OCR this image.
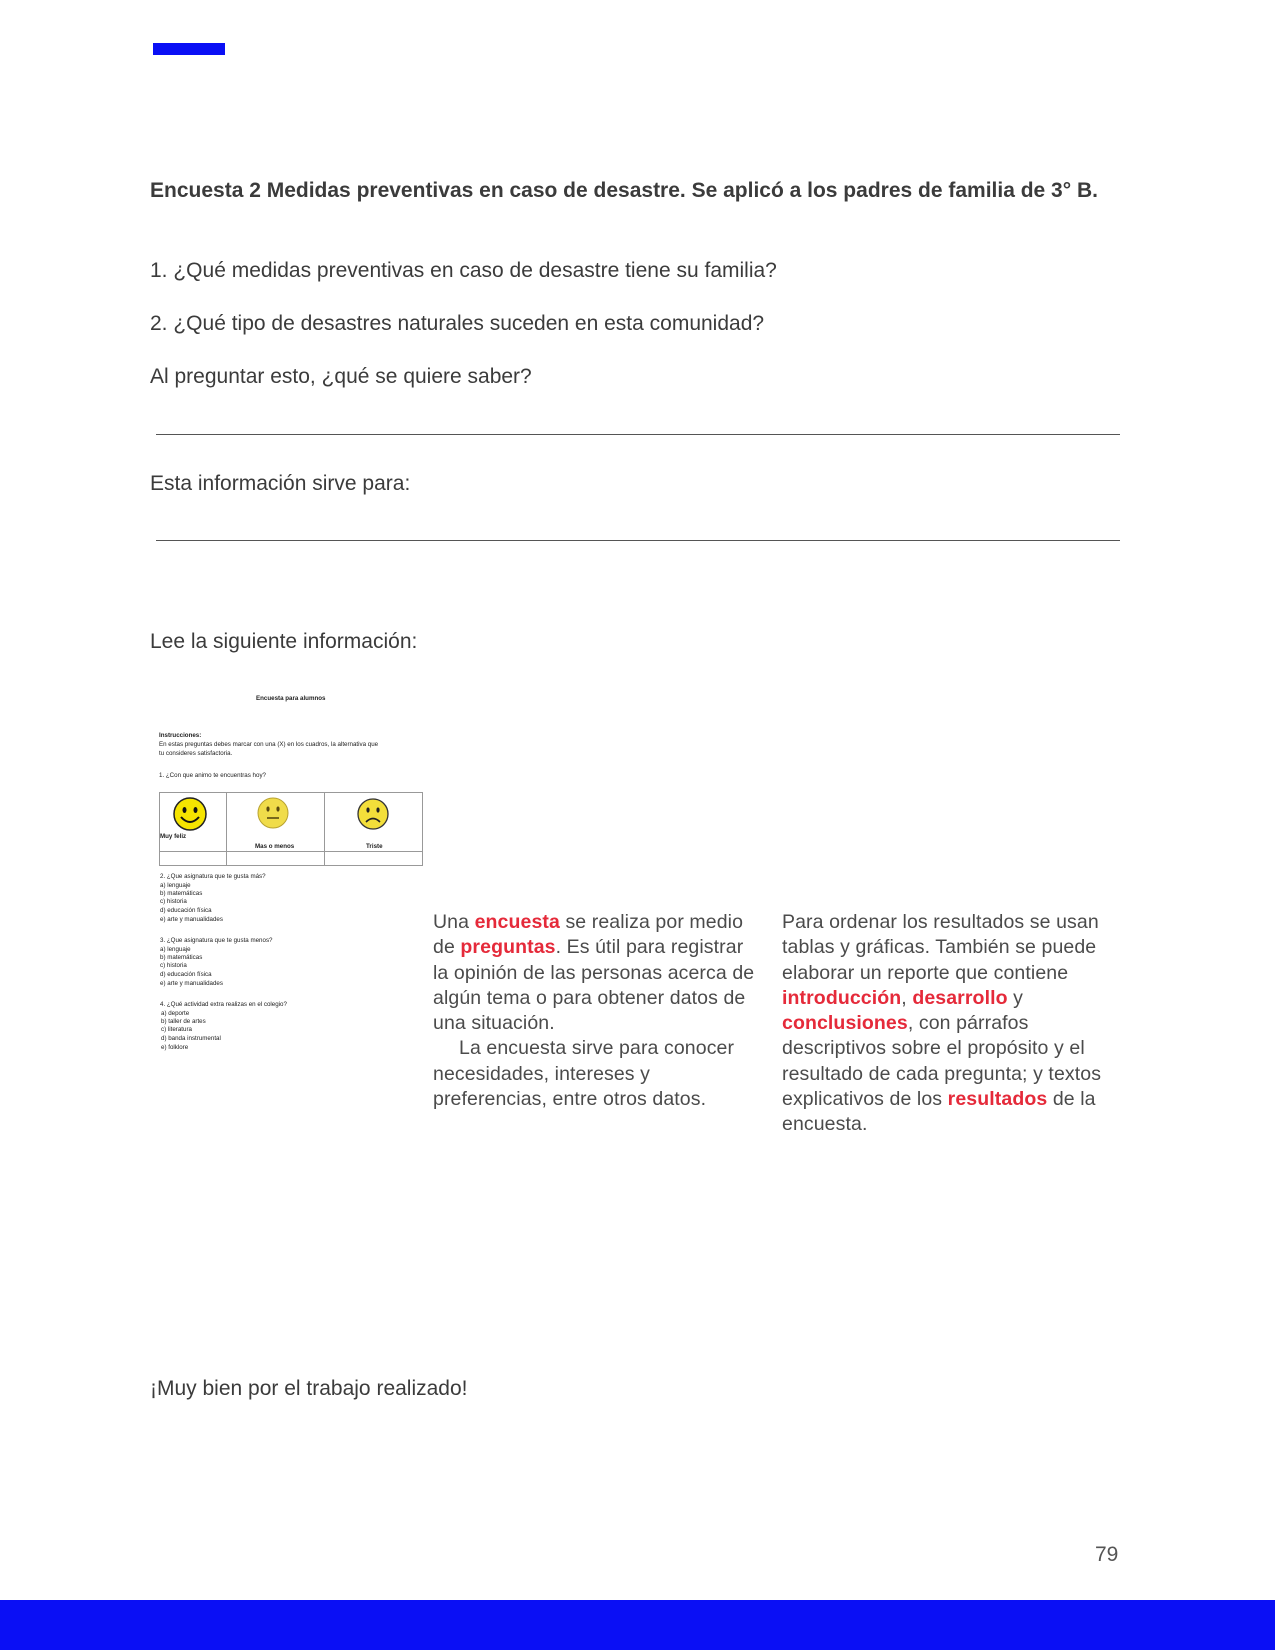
Encuesta 2 Medidas preventivas en caso de desastre. Se aplicó a los padres de familia de 3° B.
1. ¿Qué medidas preventivas en caso de desastre tiene su familia?
2. ¿Qué tipo de desastres naturales suceden en esta comunidad?
Al preguntar esto, ¿qué se quiere saber?
Esta información sirve para:
Lee la siguiente información:
Encuesta para alumnos
Instrucciones:
En estas preguntas debes marcar con una (X) en los cuadros, la alternativa que
tu consideres satisfactoria.
1. ¿Con que animo te encuentras hoy?
Muy feliz
Mas o menos	Triste
2. ¿Que asignatura que te gusta más?
a) lenguaje
b) matemáticas
c) historia
d) educación física
e) arte y manualidades
3. ¿Que asignatura que te gusta menos?
a) lenguaje
b) matemáticas
c) historia
d) educación física
e) arte y manualidades
4. ¿Qué actividad extra realizas en el colegio?
a) deporte
b) taller de artes
c) literatura
d) banda instrumental
e) folklore
Una encuesta se realiza por medio de preguntas. Es útil para registrar la opinión de las personas acerca de algún tema o para obtener datos de una situación.
La encuesta sirve para conocer necesidades, intereses y preferencias, entre otros datos.
Para ordenar los resultados se usan tablas y gráficas. También se puede elaborar un reporte que contiene introducción, desarrollo y conclusiones, con párrafos descriptivos sobre el propósito y el resultado de cada pregunta; y textos explicativos de los resultados de la encuesta.
¡Muy bien por el trabajo realizado!
79
